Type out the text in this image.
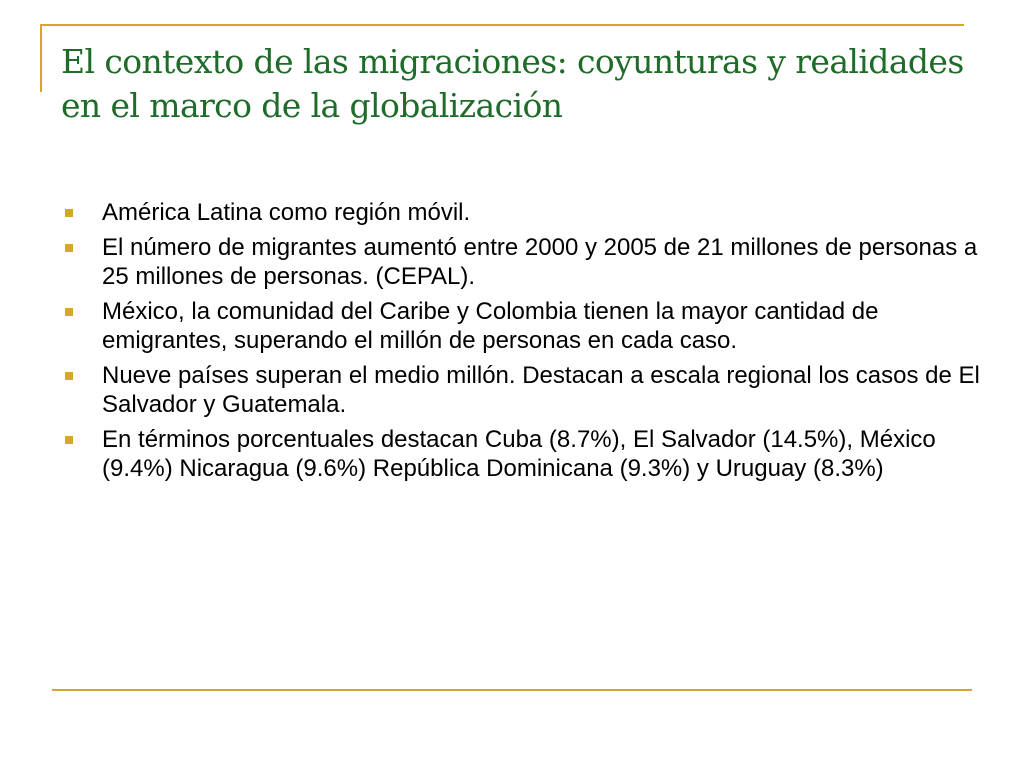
El contexto de las migraciones: coyunturas y realidades en el marco de la globalización
América Latina como región móvil.
El número de migrantes aumentó entre 2000 y 2005 de 21 millones de personas a 25 millones de personas. (CEPAL).
México, la comunidad del Caribe y Colombia tienen la mayor cantidad de emigrantes, superando el millón de personas en cada caso.
Nueve países superan el medio millón. Destacan a escala regional los casos de El Salvador y Guatemala.
En términos porcentuales destacan Cuba (8.7%), El Salvador (14.5%), México (9.4%) Nicaragua (9.6%) República Dominicana (9.3%) y Uruguay (8.3%)
